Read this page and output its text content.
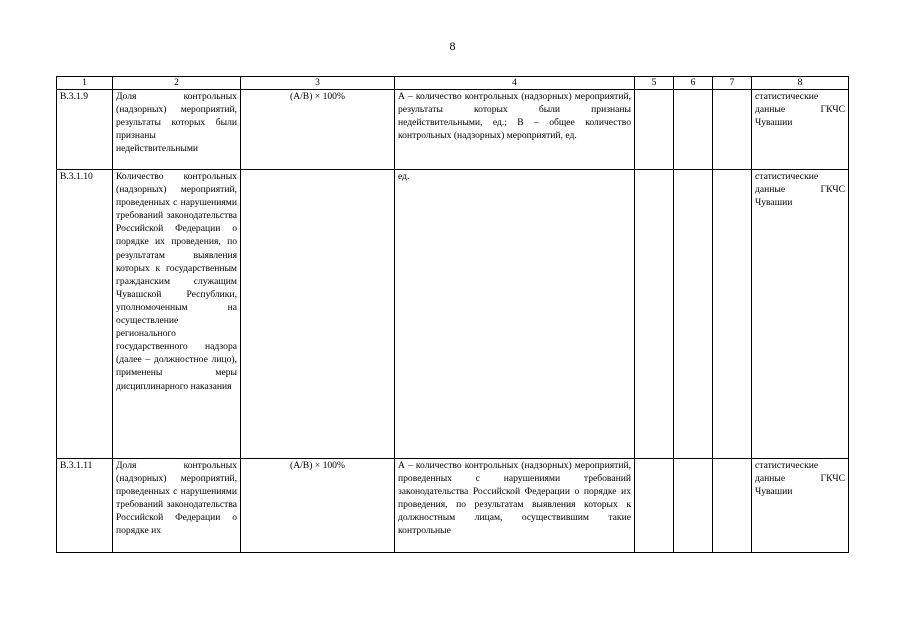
8
1	2	3	4	5	6	7	8
В.3.1.9	Доля контрольных (надзорных) мероприятий, результаты которых были признаны недействительными	(А/В) × 100%	А – количество контрольных (надзорных) мероприятий, результаты которых были признаны недействительными, ед.; В – общее количество контрольных (надзорных) мероприятий, ед.				статистические данные ГКЧС Чувашии
В.3.1.10	Количество контрольных (надзорных) мероприятий, проведенных с нарушениями требований законодательства Российской Федерации о порядке их проведения, по результатам выявления которых к государственным гражданским служащим Чувашской Республики, уполномоченным на осуществление регионального государственного надзора (далее – должностное лицо), применены меры дисциплинарного наказания		ед.				статистические данные ГКЧС Чувашии
В.3.1.11	Доля контрольных (надзорных) мероприятий, проведенных с нарушениями требований законодательства Российской Федерации о порядке их	(А/В) × 100%	А – количество контрольных (надзорных) мероприятий, проведенных с нарушениями требований законодательства Российской Федерации о порядке их проведения, по результатам выявления которых к должностным лицам, осуществившим такие контрольные				статистические данные ГКЧС Чувашии
